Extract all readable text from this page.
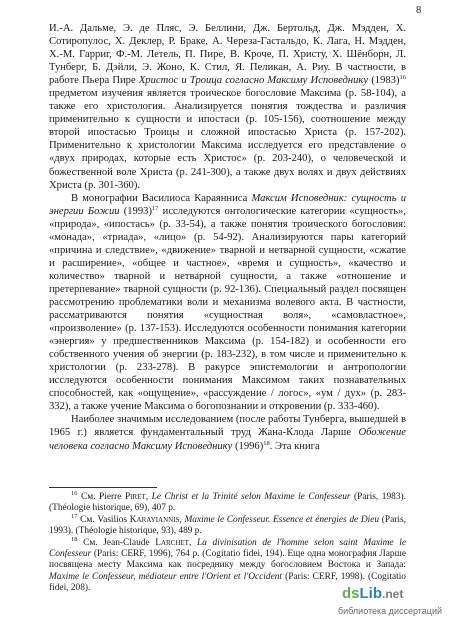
8

И.-А. Дальме, Э. де Пляс, Э. Беллини, Дж. Бертольд, Дж. Мэдден, Х. Сотиропулос, Х. Деклер, Р. Браке, А. Череза-Гастальдо, К. Лага, Н. Мэдден, Х.-М. Гарриг, Ф.-М. Летель, П. Пире, В. Кроче, П. Христу, Х. Шёнборн, Л. Тунберг, Б. Дэйли, Э. Жоно, К. Стил, Я. Пеликан, А. Риу. В частности, в работе Пьера Пире Христос и Троица согласно Максиму Исповеднику $(1983)^{16}$ предметом изучения является троическое богословие Максима (р. 58-104), а также его христология. Анализируется понятия тождества и различия применительно к сущности и ипостаси (р. 105-156), соотношение между второй ипостасью Троицы и сложной ипостасью Христа (р. 157-202). Применительно к христологии Максима исследуется его представление о «двух природах, которые есть Христос» (р. 203-240), о человеческой и божественной воле Христа (р. 241-300), а также двух волях и двух действиях Христа (р. 301-360).

В монографии Василиоса Караянниса Максим Исповедник: сущность и энергии Божии $(1993)^{17}$ исследуются онтологические категории «сущность», «природа», «ипостась» (р. 33-54), а также понятия троического богословия: «монада», «триада», «лицо» (р. 54-92). Анализируются пары категорий «причина и следствие», «движение» тварной и нетварной сущности, «сжатие и расширение», «общее и частное», «время и сущность», «качество и количество» тварной и нетварной сущности, а также «отношение и претерпевание» тварной сущности (р. 92-136). Специальный раздел посвящен рассмотрению проблематики воли и механизма волевого акта. В частности, рассматриваются понятия «сущностная воля», «самовластное», «произволение» (р. 137-153). Исследуются особенности понимания категории «энергия» у предшественников Максима (р. 154-182) и особенности его собственного учения об энергии (р. 183-232), в том числе и применительно к христологии (р. 233-278). В ракурсе эпистемологии и антропологии исследуются особенности понимания Максимом таких познавательных способностей, как «ощущение», «рассуждение / логос», «ум / дух» (р. 283-332), а также учение Максима о богопознании и откровении (р. 333-460).

Наиболее значимым исследованием (после работы Тунберга, вышедшей в 1965 г.) является фундаментальный труд Жана-Клода Ларше Обожение человека согласно Максиму Исповеднику $(1996)^{18}$. Эта книга

$^{16}$ См. Pierre Piret, Le Christ et la Trinité selon Maxime le Confesseur (Paris, 1983). (Théologie historique, 69), 407 p.

$^{17}$ См. Vasilios Karayiannis, Maxime le Confesseur. Essence et énergies de Dieu (Paris, 1993). (Théologie historique, 93), 489 p.

$^{18}$ См. Jean-Claude Larchet, La divinisation de l'homme selon saint Maxime le Confesseur (Paris: CERF, 1996), 764 p. (Cogitatio fidei, 194). Еще одна монография Ларше посвящена месту Максима как посреднику между богословием Востока и Запада: Maxime le Confesseur, médiateur entre l'Orient et l'Occident (Paris: CERF, 1998). (Cogitatio fidei, 208).	dsLib.net
библиотека диссертаций
